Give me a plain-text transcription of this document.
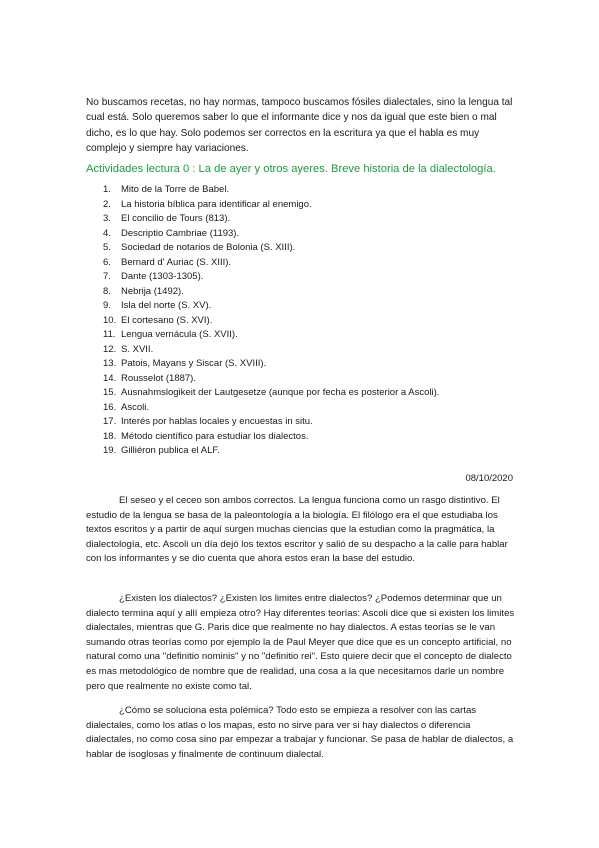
No buscamos recetas, no hay normas, tampoco buscamos fósiles dialectales, sino la lengua tal cual está. Solo queremos saber lo que el informante dice y nos da igual que este bien o mal dicho, es lo que hay. Solo podemos ser correctos en la escritura ya que el habla es muy complejo y siempre hay variaciones.

Actividades lectura 0 : La de ayer y otros ayeres. Breve historia de la dialectología.

1.	Mito de la Torre de Babel.
2.	La historia bíblica para identificar al enemigo.
3.	El concilio de Tours (813).
4.	Descriptio Cambriae (1193).
5.	Sociedad de notarios de Bolonia (S. XIII).
6.	Bernard d' Auriac (S. XIII).
7.	Dante (1303-1305).
8.	Nebrija (1492).
9.	Isla del norte (S. XV).
10. El cortesano (S. XVI).
11. Lengua vernácula (S. XVII).
12. S. XVII.
13. Patois, Mayans y Siscar (S. XVIII).
14. Rousselot (1887).
15. Ausnahmslogikeit der Lautgesetze (aunque por fecha es posterior a Ascoli).
16. Ascoli.
17. Interés por hablas locales y encuestas in situ.
18. Método científico para estudiar los dialectos.
19. Gilliéron publica el ALF.

08/10/2020

El seseo y el ceceo son ambos correctos. La lengua funciona como un rasgo distintivo. El estudio de la lengua se basa de la paleontología a la biología. El filólogo era el que estudiaba los textos escritos y a partir de aquí surgen muchas ciencias que la estudian como la pragmática, la dialectología, etc. Ascoli un día dejó los textos escritor y salió de su despacho a la calle para hablar con los informantes y se dio cuenta que ahora estos eran la base del estudio.

¿Existen los dialectos? ¿Existen los limites entre dialectos? ¿Podemos determinar que un dialecto termina aquí y allí empieza otro? Hay diferentes teorías: Ascoli dice que si existen los limites dialectales, mientras que G. Paris dice que realmente no hay dialectos. A estas teorías se le van sumando otras teorías como por ejemplo la de Paul Meyer que dice que es un concepto artificial, no natural como una "definitio nominis" y no "definitio rei". Esto quiere decir que el concepto de dialecto es mas metodológico de nombre que de realidad, una cosa a la que necesitamos darle un nombre pero que realmente no existe como tal.

¿Cómo se soluciona esta polémica? Todo esto se empieza a resolver con las cartas dialectales, como los atlas o los mapas, esto no sirve para ver si hay dialectos o diferencia dialectales, no como cosa sino par empezar a trabajar y funcionar. Se pasa de hablar de dialectos, a hablar de isoglosas y finalmente de continuum dialectal.
